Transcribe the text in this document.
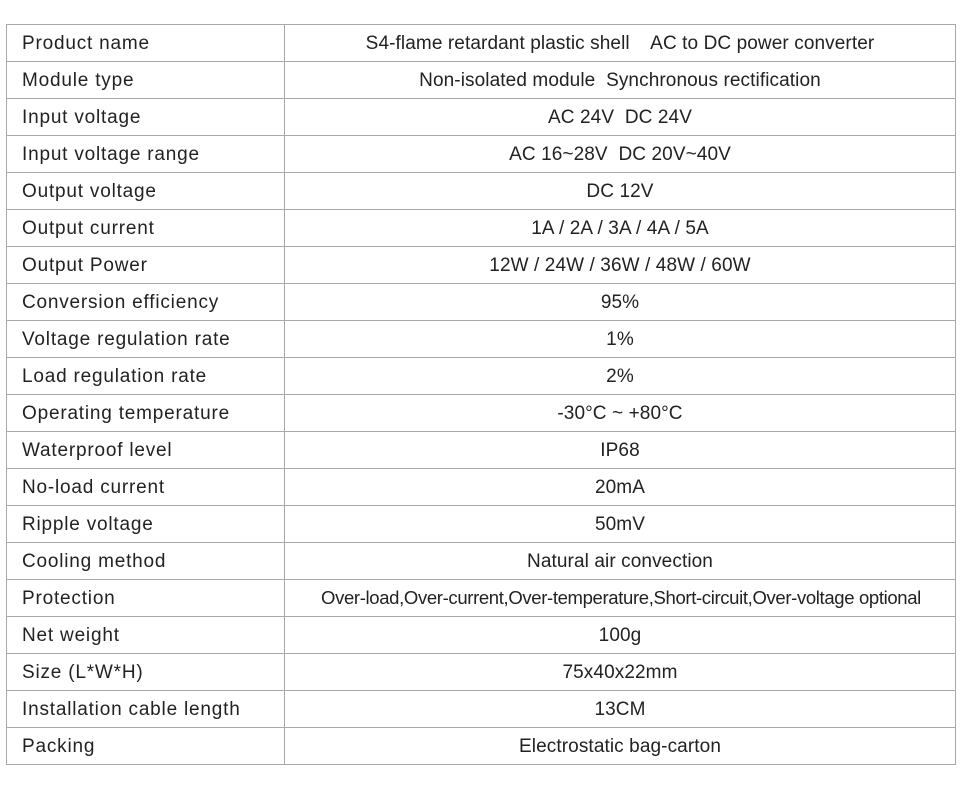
Product name	S4-flame retardant plastic shell    AC to DC power converter
Module type	Non-isolated module  Synchronous rectification
Input voltage	AC 24V  DC 24V
Input voltage range	AC 16~28V  DC 20V~40V
Output voltage	DC 12V
Output current	1A / 2A / 3A / 4A / 5A
Output Power	12W / 24W / 36W / 48W / 60W
Conversion efficiency	95%
Voltage regulation rate	1%
Load regulation rate	2%
Operating temperature	-30°C ~ +80°C
Waterproof level	IP68
No-load current	20mA
Ripple voltage	50mV
Cooling method	Natural air convection
Protection	Over-load,Over-current,Over-temperature,Short-circuit,Over-voltage optional
Net weight	100g
Size (L*W*H)	75x40x22mm
Installation cable length	13CM
Packing	Electrostatic bag-carton
